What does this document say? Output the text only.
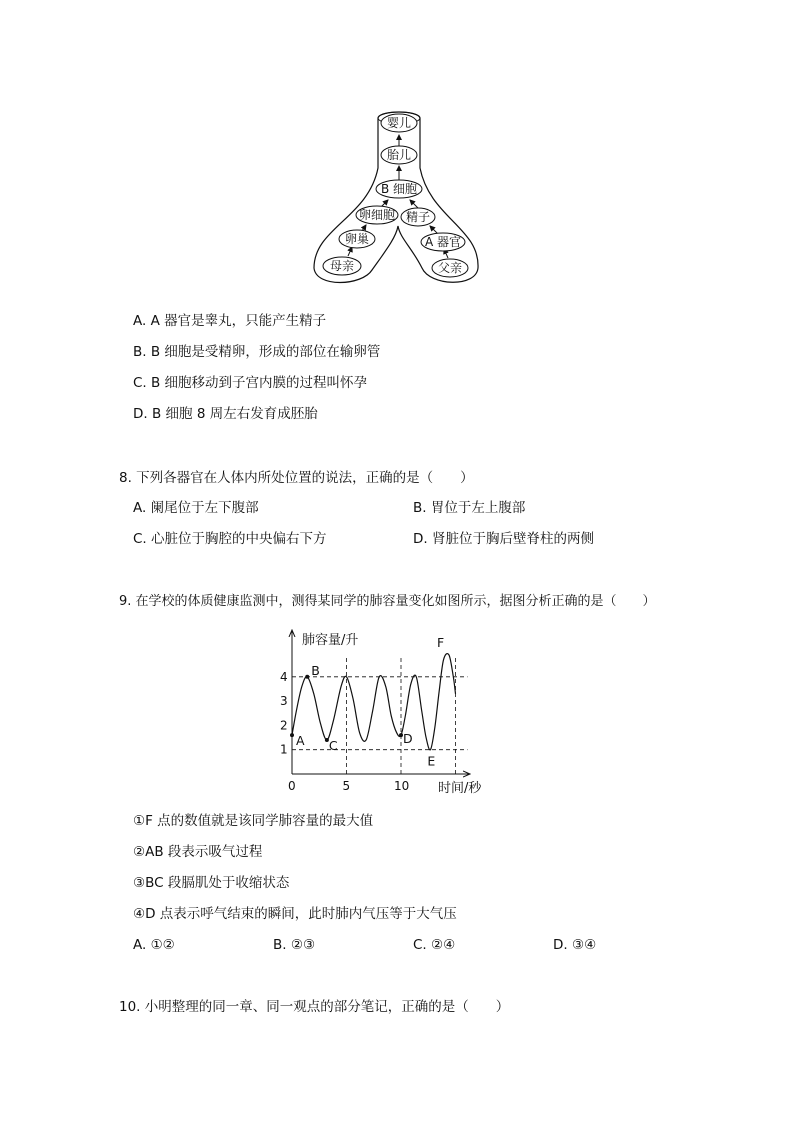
婴儿
胎儿
B 细胞
卵细胞 精子
卵巢	A 器官
母亲	父亲
A. A 器官是睾丸，只能产生精子
B. B 细胞是受精卵，形成的部位在输卵管
C. B 细胞移动到子宫内膜的过程叫怀孕
D. B 细胞 8 周左右发育成胚胎
8. 下列各器官在人体内所处位置的说法，正确的是（　　）
A. 阑尾位于左下腹部	B. 胃位于左上腹部
C. 心脏位于胸腔的中央偏右下方	D. 肾脏位于胸后壁脊柱的两侧
9. 在学校的体质健康监测中，测得某同学的肺容量变化如图所示，据图分析正确的是（　　）
肺容量/升
时间/秒
1
2
3
4
0	5	10
A
B
C	D
E
F
①F 点的数值就是该同学肺容量的最大值
②AB 段表示吸气过程
③BC 段膈肌处于收缩状态
④D 点表示呼气结束的瞬间，此时肺内气压等于大气压
A. ①②	B. ②③	C. ②④	D. ③④
10. 小明整理的同一章、同一观点的部分笔记，正确的是（　　）
